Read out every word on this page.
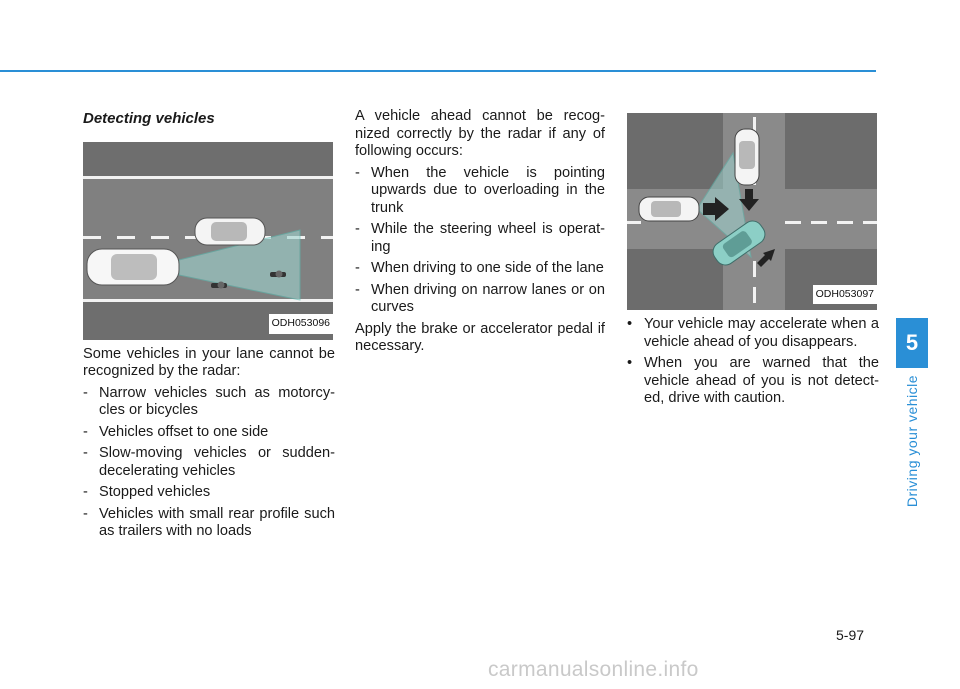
Detecting vehicles
ODH053096

Some vehicles in your lane cannot be recognized by the radar:

- Narrow vehicles such as motorcy-cles or bicycles
- Vehicles offset to one side
- Slow-moving vehicles or sudden-decelerating vehicles
- Stopped vehicles
- Vehicles with small rear profile such as trailers with no loads

A vehicle ahead cannot be recog-nized correctly by the radar if any of following occurs:

- When the vehicle is pointing upwards due to overloading in the trunk
- While the steering wheel is operat-ing
- When driving to one side of the lane
- When driving on narrow lanes or on curves

Apply the brake or accelerator pedal if necessary.

ODH053097
• Your vehicle may accelerate when a vehicle ahead of you disappears.
• When you are warned that the vehicle ahead of you is not detect-ed, drive with caution.
5
Driving your vehicle
5-97
carmanualsonline.info
